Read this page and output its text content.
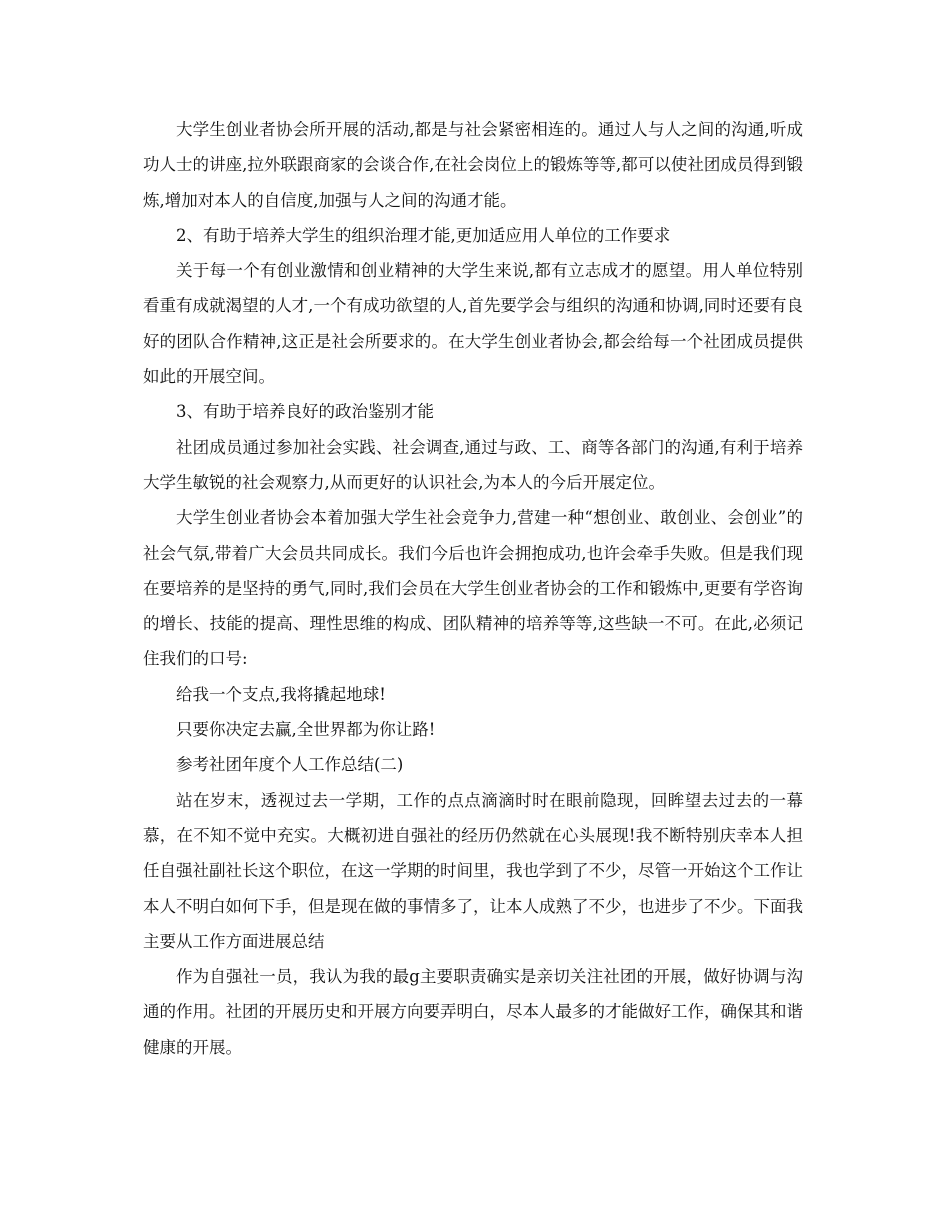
大学生创业者协会所开展的活动,都是与社会紧密相连的。通过人与人之间的沟通,听成功人士的讲座,拉外联跟商家的会谈合作,在社会岗位上的锻炼等等,都可以使社团成员得到锻炼,增加对本人的自信度,加强与人之间的沟通才能。

2、有助于培养大学生的组织治理才能,更加适应用人单位的工作要求

关于每一个有创业激情和创业精神的大学生来说,都有立志成才的愿望。用人单位特别看重有成就渴望的人才,一个有成功欲望的人,首先要学会与组织的沟通和协调,同时还要有良好的团队合作精神,这正是社会所要求的。在大学生创业者协会,都会给每一个社团成员提供如此的开展空间。

3、有助于培养良好的政治鉴别才能

社团成员通过参加社会实践、社会调查,通过与政、工、商等各部门的沟通,有利于培养大学生敏锐的社会观察力,从而更好的认识社会,为本人的今后开展定位。

大学生创业者协会本着加强大学生社会竞争力,营建一种“想创业、敢创业、会创业”的社会气氛,带着广大会员共同成长。我们今后也许会拥抱成功,也许会牵手失败。但是我们现在要培养的是坚持的勇气,同时,我们会员在大学生创业者协会的工作和锻炼中,更要有学咨询的增长、技能的提高、理性思维的构成、团队精神的培养等等,这些缺一不可。在此,必须记住我们的口号:

给我一个支点,我将撬起地球!

只要你决定去赢,全世界都为你让路!

参考社团年度个人工作总结(二)

站在岁末，透视过去一学期，工作的点点滴滴时时在眼前隐现，回眸望去过去的一幕慕，在不知不觉中充实。大概初进自强社的经历仍然就在心头展现!我不断特别庆幸本人担任自强社副社长这个职位，在这一学期的时间里，我也学到了不少，尽管一开始这个工作让本人不明白如何下手，但是现在做的事情多了，让本人成熟了不少，也进步了不少。下面我主要从工作方面进展总结

作为自强社一员，我认为我的最g主要职责确实是亲切关注社团的开展，做好协调与沟通的作用。社团的开展历史和开展方向要弄明白，尽本人最多的才能做好工作，确保其和谐健康的开展。
